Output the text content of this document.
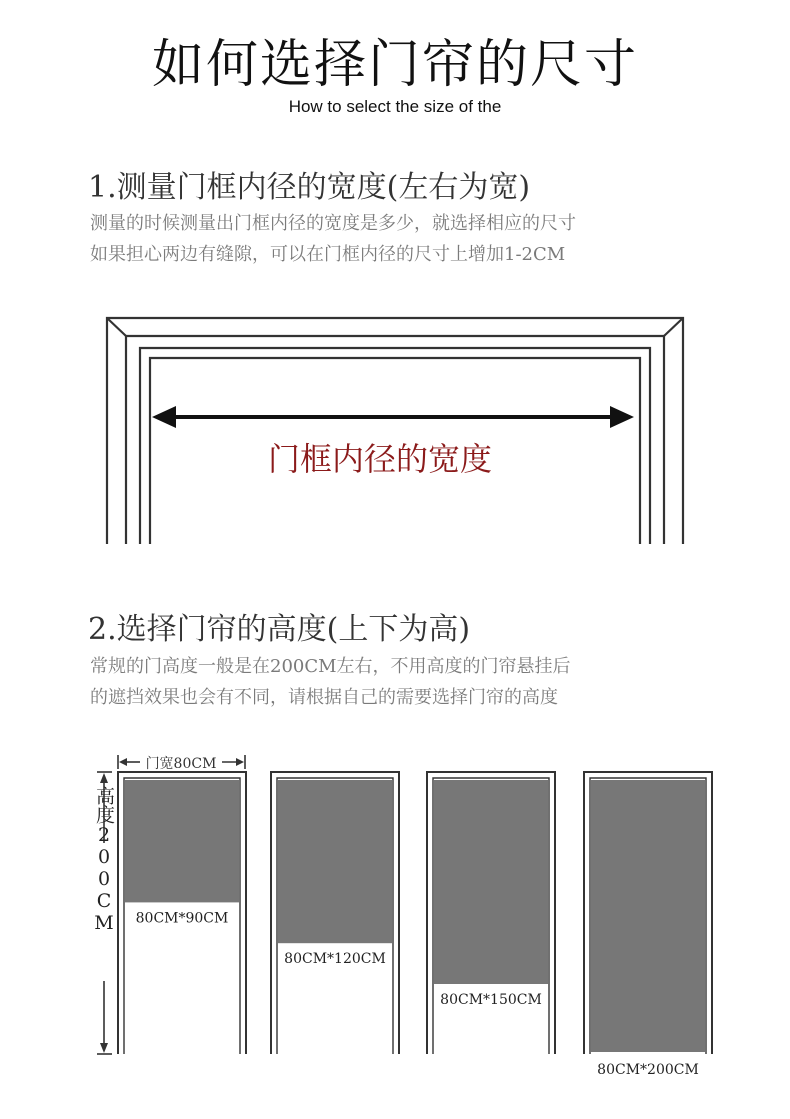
如何选择门帘的尺寸
How to select the size of the
1.测量门框内径的宽度(左右为宽)
测量的时候测量出门框内径的宽度是多少，就选择相应的尺寸
如果担心两边有缝隙，可以在门框内径的尺寸上增加1-2CM
门框内径的宽度
2.选择门帘的高度(上下为高)
常规的门高度一般是在200CM左右，不用高度的门帘悬挂后
的遮挡效果也会有不同，请根据自己的需要选择门帘的高度
门宽80CM
高度200CM 80CM*90CM
80CM*120CM
80CM*150CM
80CM*200CM
